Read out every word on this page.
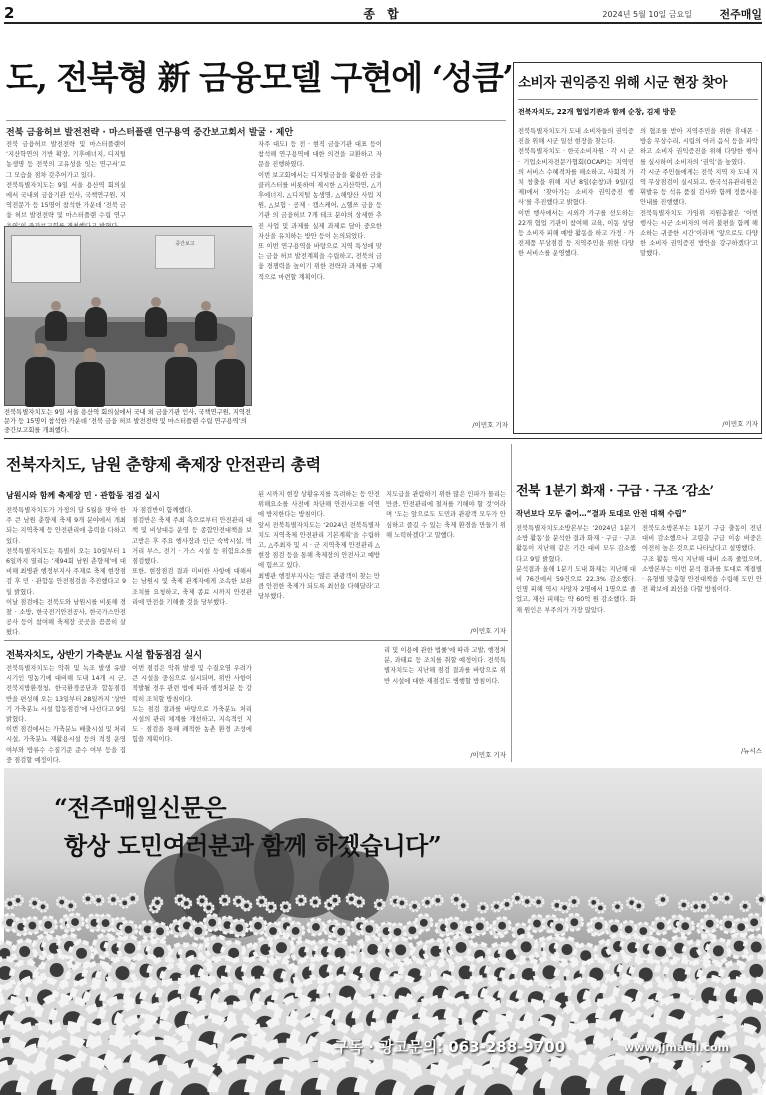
2	종 합	2024년 5월 10일 금요일 전주매일
도, 전북형 新 금융모델 구현에 ‘성큼’
전북 금융허브 발전전략 · 마스터플랜 연구용역 중간보고회서 발굴 · 제안
전북 금융허브 발전전략 및 마스터플랜이 ‘지산학연의 기반 확장, 기후에너지, 디지털 농생명 등 전북의 고유성을 잇는 연구서’로 그 모습을 점차 갖추어가고 있다.
전북특별자치도는 9일 서울 용산역 회의실에서 국내외 금융기관 인사, 국책연구원, 지역전문가 등 15명이 참석한 가운데 ‘전북 금융 허브 발전전략 및 마스터플랜 수립 연구

자주 대도) 등 전 · 현직 금융기관 대표 등이 참석해 연구용역에 대한 의견을 교환하고 자문을 진행하였다.
이번 보고회에서는 디지털금융을 활용한 금융클러스터를 비롯하여 제시한 △지산학연, △기후에너지, △디지털 농생명, △해양산 사업 지원, △보험 · 공제 · 캠스케어, △헬쓰 금융 등 기관 의 금융허브 7개 테크 분야의 상세한 추진 사업 및 과제를 실제 과제로 담아 중요한 자산을 유치하는 방안 등이 논의되었다.
또 이번 연구용역을 바탕으로 지역 특성에 맞는 금융 허브 발전계획을 수립하고, 전북의 금융 경쟁력을 높이기 위한 전략과 과제를 구체적으로 마련할 계획이다.
중간보고
전북특별자치도는 9일 서울 용산역 회의실에서 국내 외 금융기관 인사, 국책연구원, 지역전문가 등 15명이 참석한 가운데 ‘전북 금융 허브 발전전략 및 마스터플랜 수립 연구용역’의 중간보고회를 개최했다.
/이민호 기자
소비자 권익증진 위해 시군 현장 찾아
전북자치도, 22개 협업기관과 함께 순창, 김제 방문
전북특별자치도가 도내 소비자들의 권익증진을 위해 시군 일선 현장을 찾는다.
전북특별자치도 · 한국소비자원 · 각 시 군 · 기업소비자전문가협회(OCAP)는 지역민의 서비스 수혜격차를 해소하고, 사회적 가치 창출을 위해 지난 8일(순창)과 9일(김제)에서 ‘찾아가는 소비자 권익증진 행사’를 추진했다고 밝혔다.
이번 행사에서는 시외각 가구를 선도하는 22개 협업 기관이 참여해 교육, 이동 상담 등 소비자 피해 예방 활동을 하고 가정 · 가전제품 무상점검 등 지역주민을 위한 다양한 서비스를 운영했다.
의 협조를 받아 지역주민을 위한 휴대폰 · 방송 무상수리, 시립의 여러 음식 등을 파악하고 소비자 권익증진을 위해 다양한 행사를 실시하여 소비자의 ‘권익’을 높였다.
각 시군 주민들에게는 전북 지역 자 도내 지역 무상점검이 실시되고, 한국석유관리원은 휘발유 등 석유 품질 검사와 함께 정품사용 안내를 진행했다.
전북특별자치도 가임위 지원총괄은 ‘이번 행사는 시군 소비자의 여러 불편을 함께 해소하는 귀중한 시간’이라며 ‘앞으로도 다양한 소비자 권익증진 방안을 강구하겠다’고 말했다.
/이민호 기자
전북자치도, 남원 춘향제 축제장 안전관리 총력
남원시와 함께 축제장 민 · 관합동 점검 실시
전북특별자치도가 가정의 달 5월을 맞아 한주 큰 남원 춘향제 축제 9개 분야에서 개최되는 지역축제 등 안전관리에 총력을 다하고 있다.
전북특별자치도는 특별히 오는 10일부터 16일까지 열리는 ‘제94회 남원 춘향제’에 대비해 최병관 행정부지사 주재로 축제 현장점검 후 민 · 관합동 안전점검을 추진했다고 9일 밝혔다.
이날 점검에는 전북도와 남원시를 비롯해 경찰 · 소방, 한국전기안전공사, 한국가스안전공사 등이 참여해 축제장 곳곳을 꼼꼼히 살폈다.
자 점검반이 함께했다.
점검반은 축제 주최 측으로부터 안전관리 대책 및 비상대응 운영 등 종합안전대책을 보고받은 후 주요 행사장과 인근 숙박시설, 먹거리 부스, 전기 · 가스 시설 등 위험요소를 점검했다.
또한, 현장점검 결과 미비한 사항에 대해서는 남원시 및 축제 관계자에게 조속한 보완 조치를 요청하고, 축제 종료 시까지 안전관리에 만전을 기해줄 것을 당부했다.
된 시까지 현장 상황유지를 독려하는 등 안전 위해요소를 사전에 차단해 안전사고를 미연에 방지한다는 방침이다.
앞서 전북특별자치도는 ‘2024년 전북특별자치도 지역축제 안전관리 기본계획’을 수립하고, △주최자 및 시 · 군 지역축제 안전관리 △현장 점검 등을 통해 축제장의 안전사고 예방에 힘쓰고 있다.
최병관 행정부지사는 ‘많은 관광객이 찾는 만큼 안전한 축제가 되도록 최선을 다해달라’고 당부했다.
지도급을 관람하기 위한 많은 인파가 몰리는 만큼, 안전관리에 철저를 기해야 할 것’이라며 ‘도는 앞으로도 도민과 관광객 모두가 안심하고 즐길 수 있는 축제 환경을 만들기 위해 노력하겠다’고 말했다.
/이민호 기자
전북 1분기 화재 · 구급 · 구조 ‘감소’
작년보다 모두 줄어…“결과 토대로 안전 대책 수립”
전북특별자치도소방본부는 ‘2024년 1분기 소방 활동’을 분석한 결과 화재 · 구급 · 구조 활동이 지난해 같은 기간 대비 모두 감소했다고 9일 밝혔다.
분석결과 올해 1분기 도내 화재는 지난해 대비 76건에서 59건으로 22.3% 감소했다. 인명 피해 역시 사망자 2명에서 1명으로 줄었고, 재산 피해는 약 60억 원 감소했다. 화재 원인은 부주의가 가장 많았다.
전북도소방본부는 1분기 구급 출동이 전년 대비 감소했으나 고령층 구급 이송 비중은 여전히 높은 것으로 나타났다고 설명했다.
구조 활동 역시 지난해 대비 소폭 줄었으며, 소방본부는 이번 분석 결과를 토대로 계절별 · 유형별 맞춤형 안전대책을 수립해 도민 안전 확보에 최선을 다할 방침이다.
/뉴시스
전북자치도, 상반기 가축분뇨 시설 합동점검 실시
전북특별자치도는 악취 및 녹조 발생 유발 시기인 영농기에 대비해 도내 14개 시 군, 전북지방환경청, 한국환경공단과 합동점검반을 편성해 오는 13일부터 28일까지 ‘상반기 가축분뇨 시설 합동점검’에 나선다고 9일 밝혔다.
이번 점검에서는 가축분뇨 배출시설 및 처리시설, 가축분뇨 재활용시설 등의 적정 운영 여부와 방류수 수질기준 준수 여부 등을 집중 점검할 예정이다.
이번 점검은 악취 발생 및 수질오염 우려가 큰 시설을 중심으로 실시되며, 위반 사항이 적발될 경우 관련 법에 따라 행정처분 등 강력히 조치할 방침이다.
도는 점검 결과를 바탕으로 가축분뇨 처리 시설의 관리 체계를 개선하고, 지속적인 지도 · 점검을 통해 쾌적한 농촌 환경 조성에 힘쓸 계획이다.
리 및 이용에 관한 법률’에 따라 고발, 행정처분, 과태료 등 조치를 취할 예정이다. 전북특별자치도는 지난해 점검 결과를 바탕으로 위반 시설에 대한 재점검도 병행할 방침이다.
/이민호 기자
“전주매일신문은
항상 도민여러분과 함께 하겠습니다”
구독 · 광고문의: 063-288-9700	www.jjmaeil.com
